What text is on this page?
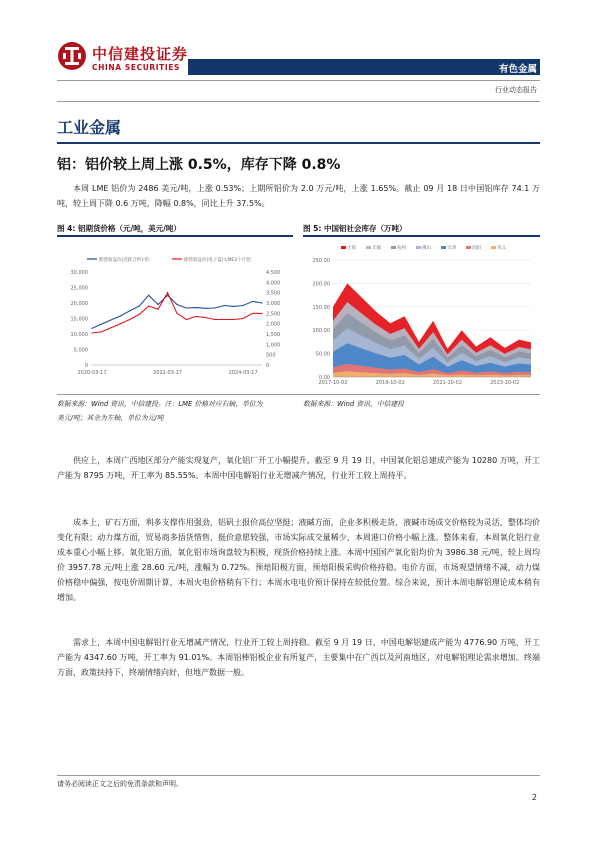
中信建投证券
CHINA SECURITIES	有色金属
行业动态报告
工业金属
铝：铝价较上周上涨 0.5%，库存下降 0.8%

本周 LME 铝价为 2486 美元/吨，上涨 0.53%；上期所铝价为 2.0 万元/吨，上涨 1.65%。截止 09 月 18 日中国铝库存 74.1 万吨，较上周下降 0.6 万吨，降幅 0.8%，同比上升 37.5%。

图 4: 铝期货价格（元/吨，美元/吨）
期货收盘价(活跃合约):铝	期货收盘价(电子盘):LME3个月铝
0
5,000
10,000
15,000
20,000
25,000
30,000
0
500
1,000
1,500
2,000
2,500
3,000
3,500
4,000
4,500
2020-03-17	2022-03-17	2024-03-17
图 5: 中国铝社会库存（万吨）
上海	无锡	杭州	佛山	天津	沈阳	巩义
0.00
50.00
100.00
150.00
200.00
250.00
2017-10-02	2019-10-02	2021-10-02	2023-10-02
数据来源：Wind 资讯，中信建投。注：LME 价格对应右轴，单位为
美元/吨；其余为左轴，单位为元/吨
数据来源：Wind 资讯，中信建投

供应上，本周广西地区部分产能实现复产，氧化铝厂开工小幅提升。截至 9 月 19 日，中国氧化铝总建成产能为 10280 万吨，开工产能为 8795 万吨，开工率为 85.55%。本周中国电解铝行业无增减产情况，行业开工较上周持平。

成本上，矿石方面，利多支撑作用强劲，铝矾土报价高位坚挺；液碱方面，企业多积极走货，液碱市场成交价格较为灵活，整体均价变化有限；动力煤方面，贸易商多捂货惜售，挺价意愿较强，市场实际成交量稀少，本周港口价格小幅上涨。整体来看，本周氧化铝行业成本重心小幅上移。氧化铝方面，氧化铝市场询盘较为积极，现货价格持续上涨。本周中国国产氧化铝均价为 3986.38 元/吨，较上周均价 3957.78 元/吨上涨 28.60 元/吨，涨幅为 0.72%。预焙阳极方面，预焙阳极采购价格持稳。电价方面，市场观望情绪不减，动力煤价格稳中偏强，按电价周期计算，本周火电价格稍有下行；本周水电电价预计保持在较低位置。综合来说，预计本周电解铝理论成本稍有增加。

需求上，本周中国电解铝行业无增减产情况，行业开工较上周持稳。截至 9 月 19 日，中国电解铝建成产能为 4776.90 万吨，开工产能为 4347.60 万吨，开工率为 91.01%。本周铝棒铝板企业有所复产，主要集中在广西以及河南地区，对电解铝理论需求增加。终端方面，政策扶持下，终端情绪向好，但地产数据一般。

请务必阅读正文之后的免责条款和声明。
2
